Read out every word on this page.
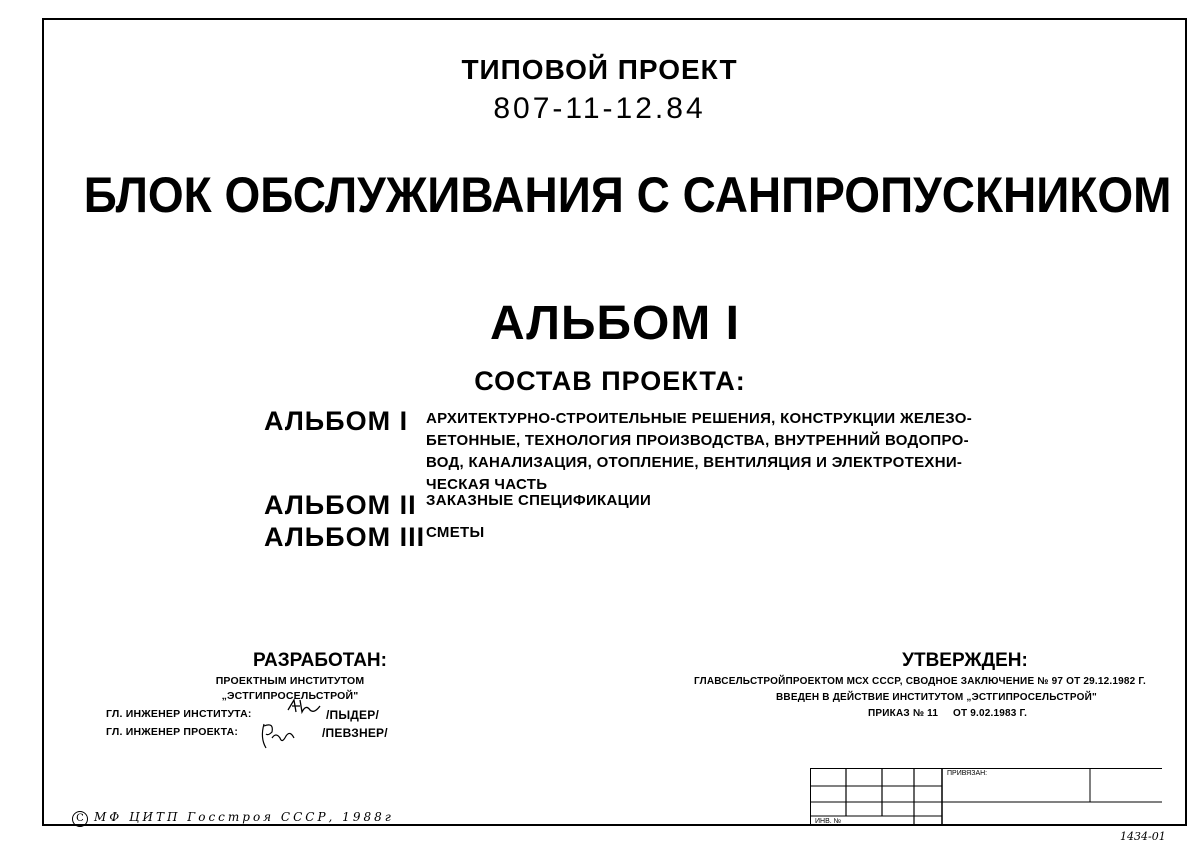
ТИПОВОЙ ПРОЕКТ
807-11-12.84
БЛОК ОБСЛУЖИВАНИЯ С САНПРОПУСКНИКОМ
АЛЬБОМ I
СОСТАВ ПРОЕКТА:
АЛЬБОМ I АРХИТЕКТУРНО-СТРОИТЕЛЬНЫЕ РЕШЕНИЯ, КОНСТРУКЦИИ ЖЕЛЕЗО-
БЕТОННЫЕ, ТЕХНОЛОГИЯ ПРОИЗВОДСТВА, ВНУТРЕННИЙ ВОДОПРО-
ВОД, КАНАЛИЗАЦИЯ, ОТОПЛЕНИЕ, ВЕНТИЛЯЦИЯ И ЭЛЕКТРОТЕХНИ-
ЧЕСКАЯ ЧАСТЬ
АЛЬБОМ II ЗАКАЗНЫЕ СПЕЦИФИКАЦИИ
АЛЬБОМ III СМЕТЫ
РАЗРАБОТАН:
ПРОЕКТНЫМ ИНСТИТУТОМ
„ЭСТГИПРОСЕЛЬСТРОЙ"
ГЛ. ИНЖЕНЕР ИНСТИТУТА:	/ПЫДЕР/
ГЛ. ИНЖЕНЕР ПРОЕКТА:	/ПЕВЗНЕР/
УТВЕРЖДЕН:
ГЛАВСЕЛЬСТРОЙПРОЕКТОМ МСХ СССР, СВОДНОЕ ЗАКЛЮЧЕНИЕ № 97 ОТ 29.12.1982 Г.
ВВЕДЕН В ДЕЙСТВИЕ ИНСТИТУТОМ „ЭСТГИПРОСЕЛЬСТРОЙ"
ПРИКАЗ № 11     ОТ 9.02.1983 Г.
ПРИВЯЗАН:
ИНВ. №
C МФ ЦИТП Госстроя СССР, 1988г
1434-01
